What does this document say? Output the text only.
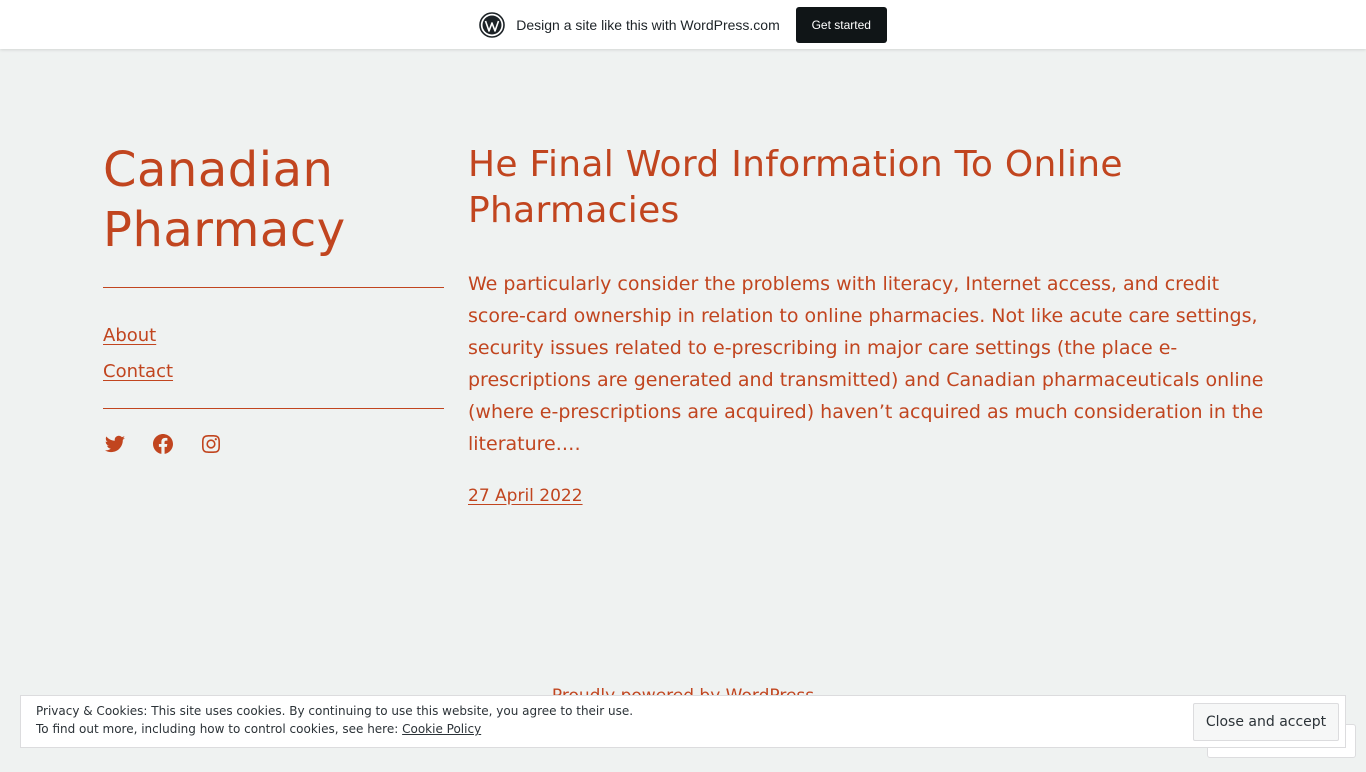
Design a site like this with WordPress.com	Get started
Canadian Pharmacy
About
Contact
He Final Word Information To Online Pharmacies

We particularly consider the problems with literacy, Internet access, and credit score-card ownership in relation to online pharmacies. Not like acute care settings, security issues related to e-prescribing in major care settings (the place e-prescriptions are generated and transmitted) and Canadian pharmaceuticals online (where e-prescriptions are acquired) haven’t acquired as much consideration in the literature.…

27 April 2022
Privacy & Cookies: This site uses cookies. By continuing to use this website, you agree to their use.
To find out more, including how to control cookies, see here: Cookie Policy	Close and accept
